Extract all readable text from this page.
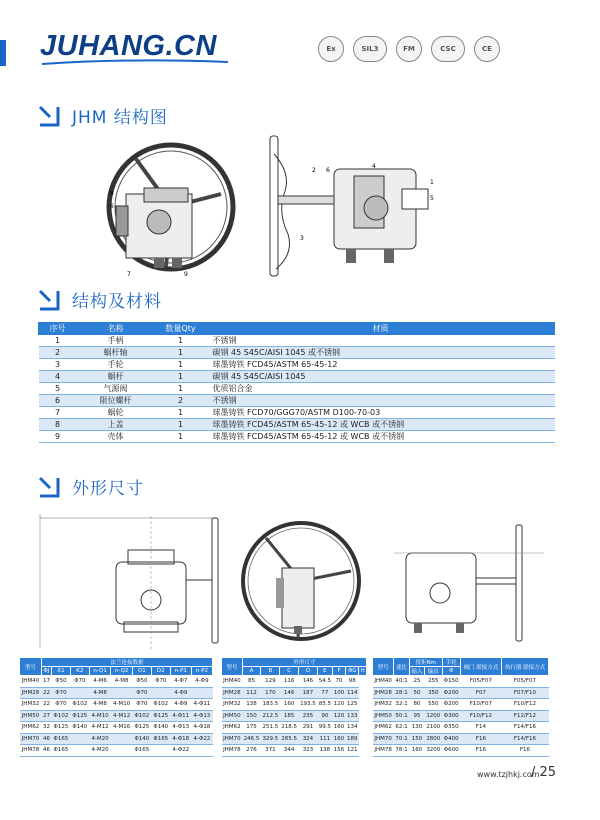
JUHANG.CN	Ex	SIL3	FM	CSC	CE
JHM 结构图
8
6
7	9
2 6
4
1
5
3
结构及材料
序号	名称	数量Qty	材质
1	手柄	1	不锈钢
2	蜗杆轴	1	碳钢 45 S45C/AISI 1045 或不锈钢
3	手轮	1	球墨铸铁 FCD45/ASTM 65-45-12
4	蜗杆	1	碳钢 45 S45C/AISI 1045
5	气源阀	1	优质铝合金
6	限位螺杆	2	不锈钢
7	蜗轮	1	球墨铸铁 FCD70/GGG70/ASTM D100-70-03
8	上盖	1	球墨铸铁 FCD45/ASTM 65-45-12 或 WCB 或不锈钢
9	壳体	1	球墨铸铁 FCD45/ASTM 65-45-12 或 WCB 或不锈钢
外形尺寸
型号	法兰连接数据								
	ΦJ	X1	K2	n-Q1	n-Q2	D1	D2	n-P1	n-P2
JHM40	17	Φ50	Φ70	4-M6	4-M8	Φ50	Φ70	4-Φ7	4-Φ9
JHM28	22	Φ70		4-M8		Φ70		4-Φ9	
JHM32	22	Φ70	Φ102	4-M8	4-M10	Φ70	Φ102	4-Φ9	4-Φ11
JHM50	27	Φ102	Φ125	4-M10	4-M12	Φ102	Φ125	4-Φ11	4-Φ13
JHM62	32	Φ125	Φ140	4-M12	4-M16	Φ125	Φ140	4-Φ13	4-Φ18
JHM70	46	Φ165		4-M20		Φ140	Φ165	4-Φ18	4-Φ22
JHM78	46	Φ165		4-M20		Φ165		4-Φ22	
型号	外形尺寸							
	A	B	C	D	E	F	ΦG	H
JHM40	85	129	116	146	54.5	70	98	
JHM28	112	170	146	187	77	100	114	
JHM32	138	183.5	160	193.5	85.5	120	125	
JHM50	150	212.5	185	235	90	120	133	
JHM62	175	251.5	218.5	291	99.5	160	134	
JHM70	246.5	329.5	285.5	324	111	160	189	
JHM78	276	371	344	323	138	156	121	
型号	速比	扭矩Nm		手轮	阀门 联接方式	执行器 联接方式
		输入	输出	Φ		
JHM40	40:1	25	255	Φ150	F05/F07	F05/F07
JHM28	28:1	50	350	Φ200	F07	F07/F10
JHM32	32:1	80	550	Φ200	F10/F07	F10/F12
JHM50	50:1	95	1200	Φ300	F10/F12	F12/F12
JHM62	62:1	130	2100	Φ350	F14	F14/F16
JHM70	70:1	150	2800	Φ400	F16	F14/F16
JHM78	78:1	160	3200	Φ600	F16	F16
www.tzjhkj.com
/ 25
